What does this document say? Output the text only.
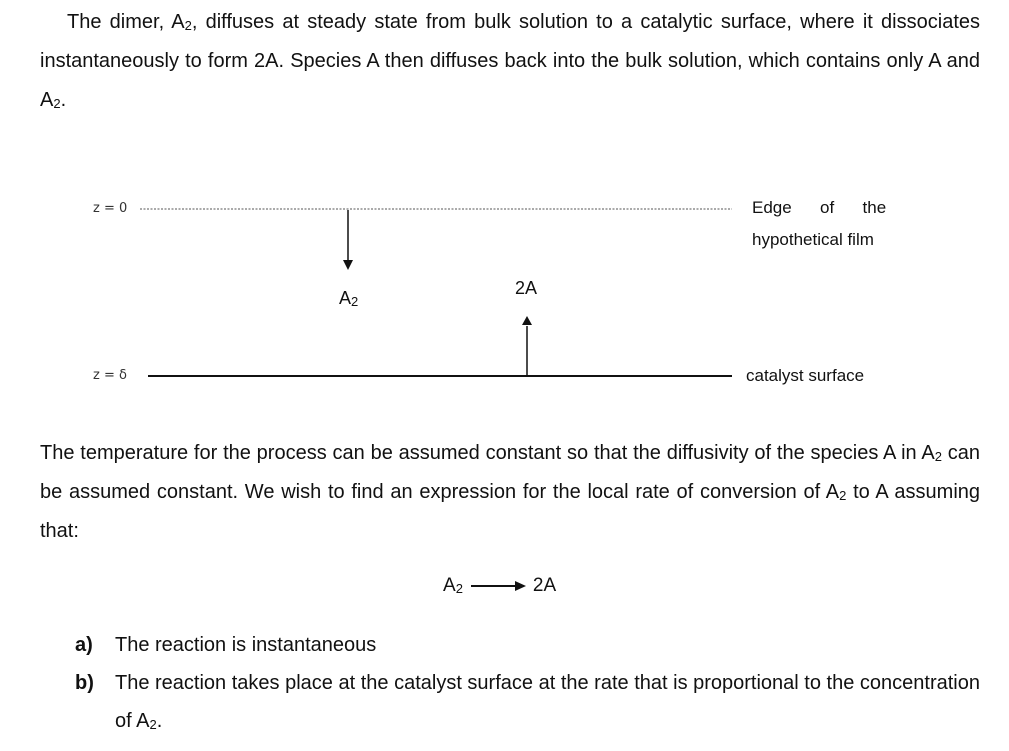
The dimer, $A_2$, diffuses at steady state from bulk solution to a catalytic surface, where it dissociates instantaneously to form 2A. Species A then diffuses back into the bulk solution, which contains only A and $A_2$.
z = 0
z = δ
Edge      of      the
hypothetical film
catalyst surface
$A_2$
2A
The temperature for the process can be assumed constant so that the diffusivity of the species A in $A_2$ can be assumed constant. We wish to find an expression for the local rate of conversion of $A_2$ to A assuming that:
$A_2 \to 2A$
a)	The reaction is instantaneous
b)	The reaction takes place at the catalyst surface at the rate that is proportional to the concentration of $A_2$.
